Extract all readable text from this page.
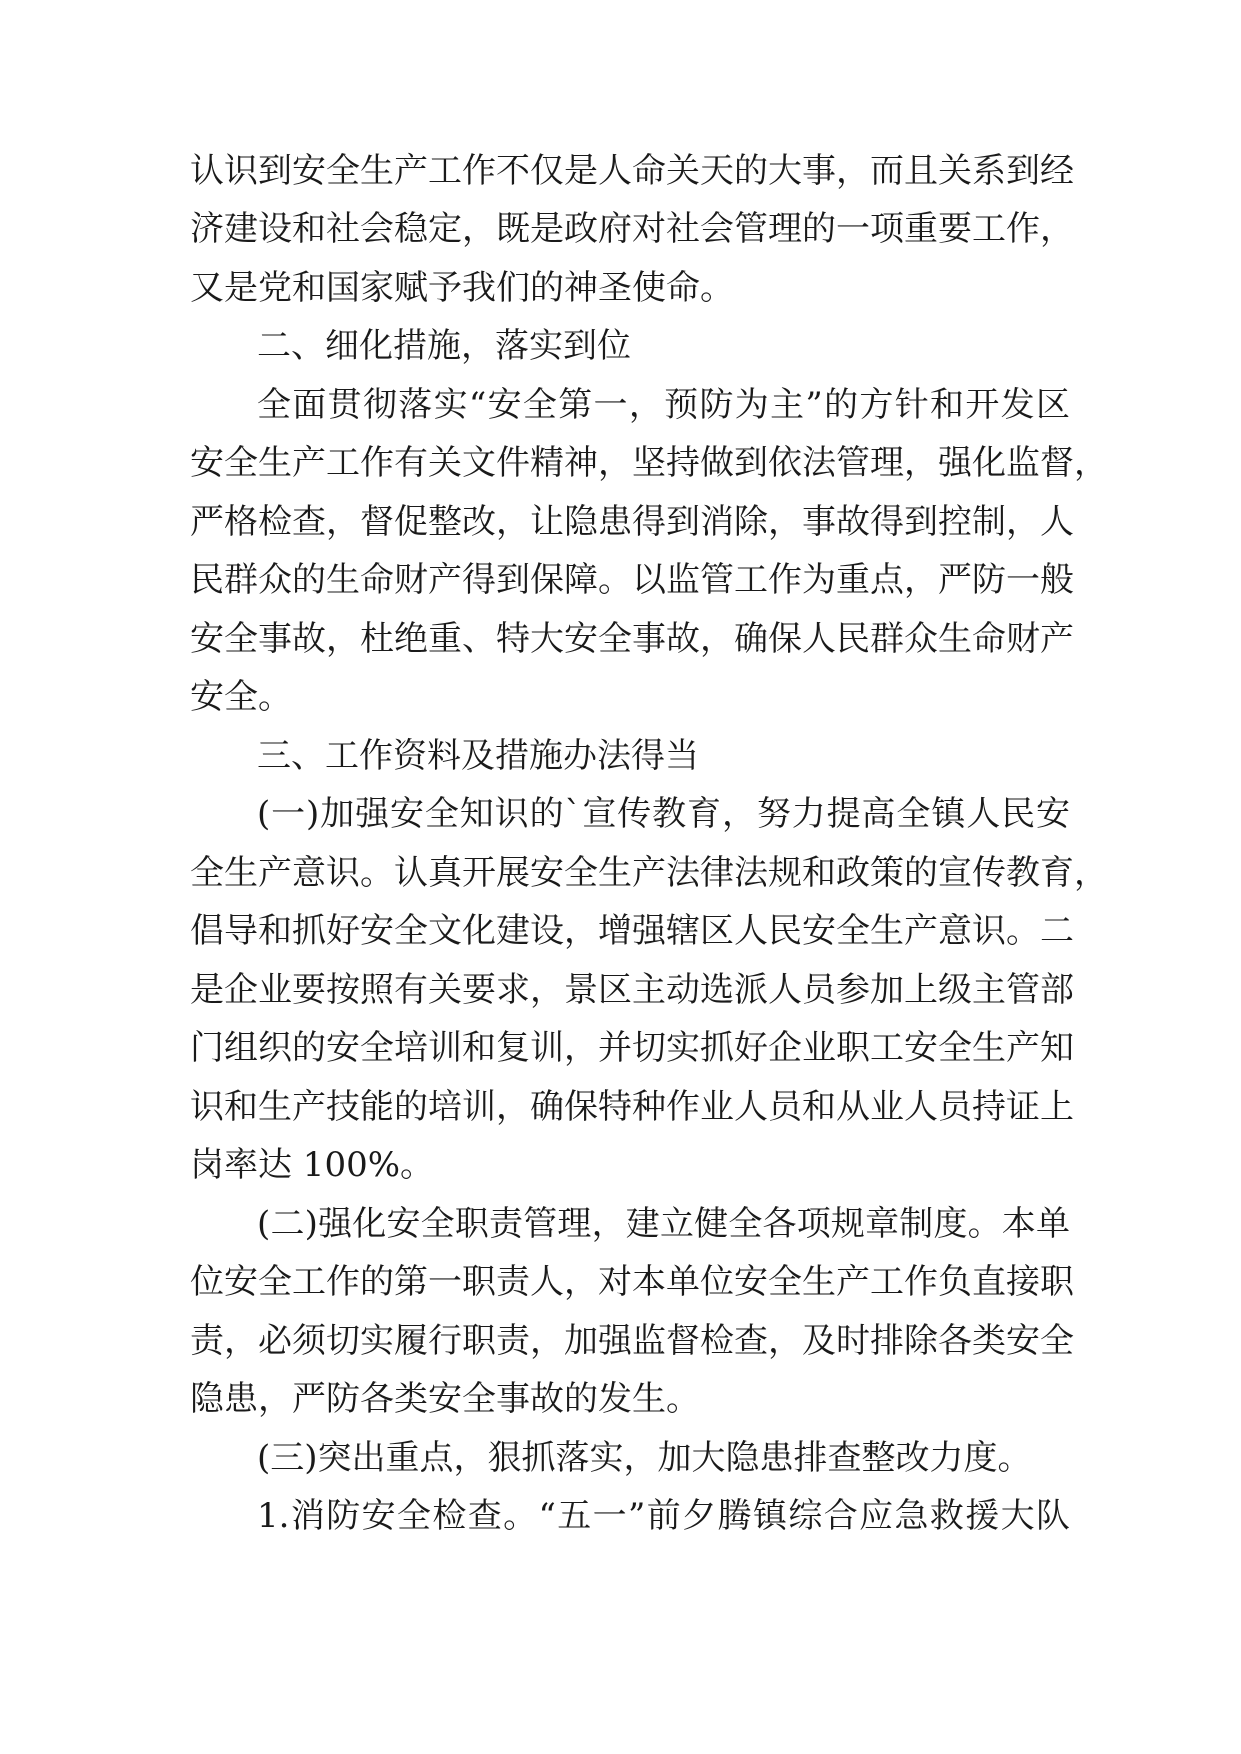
认识到安全生产工作不仅是人命关天的大事，而且关系到经
济建设和社会稳定，既是政府对社会管理的一项重要工作，
又是党和国家赋予我们的神圣使命。
二、细化措施，落实到位
全面贯彻落实“安全第一，预防为主”的方针和开发区
安全生产工作有关文件精神，坚持做到依法管理，强化监督，
严格检查，督促整改，让隐患得到消除，事故得到控制，人
民群众的生命财产得到保障。以监管工作为重点，严防一般
安全事故，杜绝重、特大安全事故，确保人民群众生命财产
安全。
三、工作资料及措施办法得当
(一)加强安全知识的`宣传教育，努力提高全镇人民安
全生产意识。认真开展安全生产法律法规和政策的宣传教育，
倡导和抓好安全文化建设，增强辖区人民安全生产意识。二
是企业要按照有关要求，景区主动选派人员参加上级主管部
门组织的安全培训和复训，并切实抓好企业职工安全生产知
识和生产技能的培训，确保特种作业人员和从业人员持证上
岗率达 100%。
(二)强化安全职责管理，建立健全各项规章制度。本单
位安全工作的第一职责人，对本单位安全生产工作负直接职
责，必须切实履行职责，加强监督检查，及时排除各类安全
隐患，严防各类安全事故的发生。
(三)突出重点，狠抓落实，加大隐患排查整改力度。
1.消防安全检查。“五一”前夕腾镇综合应急救援大队
